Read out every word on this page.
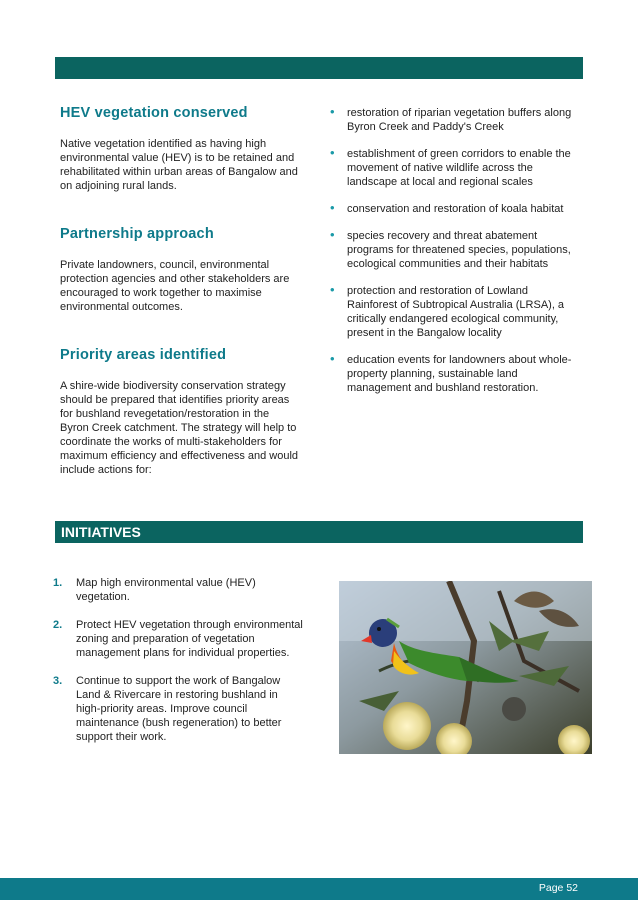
HEV vegetation conserved

Native vegetation identified as having high environmental value (HEV) is to be retained and rehabilitated within urban areas of Bangalow and on adjoining rural lands.

Partnership approach

Private landowners, council, environmental protection agencies and other stakeholders are encouraged to work together to maximise environmental outcomes.

Priority areas identified

A shire-wide biodiversity conservation strategy should be prepared that identifies priority areas for bushland revegetation/restoration in the Byron Creek catchment. The strategy will help to coordinate the works of multi-stakeholders for maximum efficiency and effectiveness and would include actions for:

• restoration of riparian vegetation buffers along Byron Creek and Paddy's Creek
• establishment of green corridors to enable the movement of native wildlife across the landscape at local and regional scales
• conservation and restoration of koala habitat
• species recovery and threat abatement programs for threatened species, populations, ecological communities and their habitats
• protection and restoration of Lowland Rainforest of Subtropical Australia (LRSA), a critically endangered ecological community, present in the Bangalow locality
• education events for landowners about whole-property planning, sustainable land management and bushland restoration.
INITIATIVES
1. Map high environmental value (HEV) vegetation.
2. Protect HEV vegetation through environmental zoning and preparation of vegetation management plans for individual properties.
3. Continue to support the work of Bangalow Land & Rivercare in restoring bushland in high-priority areas. Improve council maintenance (bush regeneration) to better support their work.
Page 52
